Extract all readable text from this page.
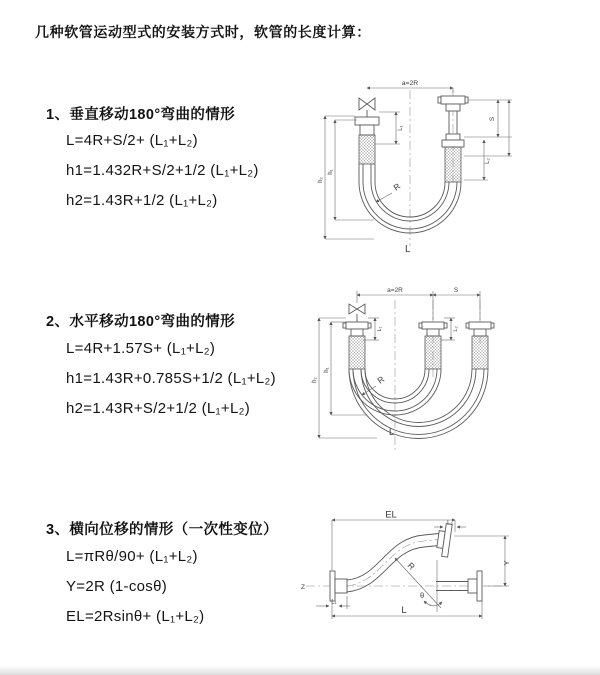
几种软管运动型式的安装方式时，软管的长度计算：
1、垂直移动180°弯曲的情形
L=4R+S/2+ (L₁+L₂)
h1=1.432R+S/2+1/2 (L₁+L₂)
h2=1.43R+1/2 (L₁+L₂)
a=2R
L₁
S
L₂
h₁
h₂
R
L
2、水平移动180°弯曲的情形
L=4R+1.57S+ (L₁+L₂)
h1=1.43R+0.785S+1/2 (L₁+L₂)
h2=1.43R+S/2+1/2 (L₁+L₂)
a=2R	S
L₁	L₂
h₁
h₂	R
L
3、横向位移的情形（一次性变位）
L=πRθ/90+ (L₁+L₂)
Y=2R (1-cosθ)
EL=2Rsinθ+ (L₁+L₂)
Z
EL
L₂
Y
R
θ
L₁
L
